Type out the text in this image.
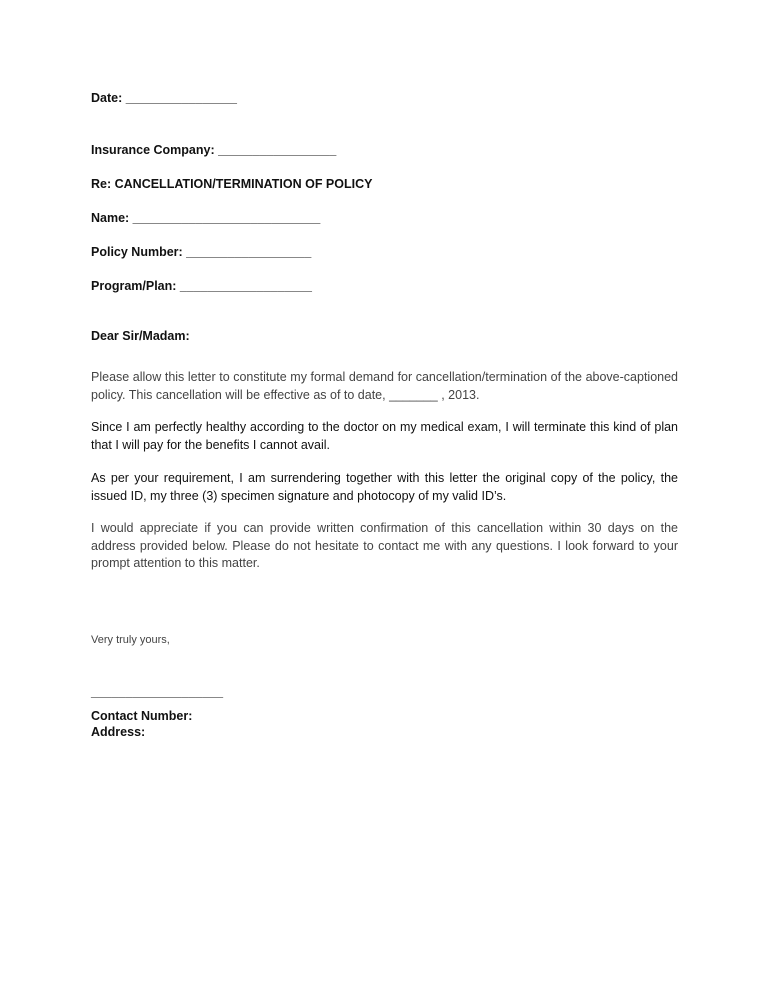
Date: ________________
Insurance Company: _________________
Re: CANCELLATION/TERMINATION OF POLICY
Name: ___________________________
Policy Number: __________________
Program/Plan: ___________________
Dear Sir/Madam:
Please allow this letter to constitute my formal demand for cancellation/termination of the above-captioned policy. This cancellation will be effective as of to date, _______ , 2013.
Since I am perfectly healthy according to the doctor on my medical exam, I will terminate this kind of plan that I will pay for the benefits I cannot avail.
As per your requirement, I am surrendering together with this letter the original copy of the policy, the issued ID, my three (3) specimen signature and photocopy of my valid ID’s.
I would appreciate if you can provide written confirmation of this cancellation within 30 days on the address provided below. Please do not hesitate to contact me with any questions. I look forward to your prompt attention to this matter.
Very truly yours,
___________________
Contact Number:
Address:
